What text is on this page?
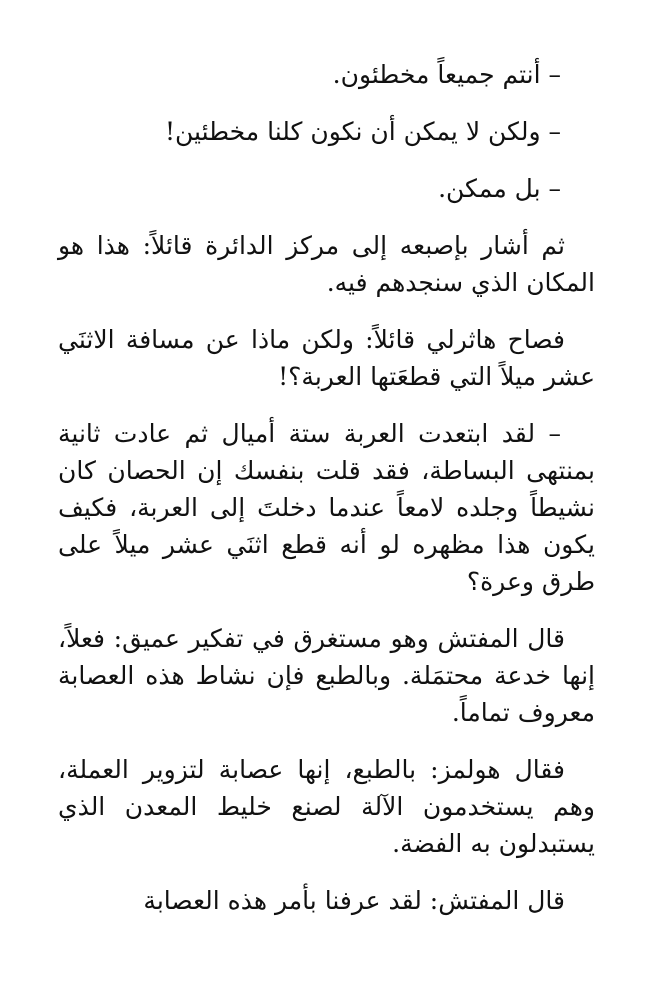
– أنتم جميعاً مخطئون.

– ولكن لا يمكن أن نكون كلنا مخطئين!

– بل ممكن.

ثم أشار بإصبعه إلى مركز الدائرة قائلاً: هذا هو المكان الذي سنجدهم فيه.

فصاح هاثرلي قائلاً: ولكن ماذا عن مسافة الاثنَي عشر ميلاً التي قطعَتها العربة؟!

– لقد ابتعدت العربة ستة أميال ثم عادت ثانية بمنتهى البساطة، فقد قلت بنفسك إن الحصان كان نشيطاً وجلده لامعاً عندما دخلتَ إلى العربة، فكيف يكون هذا مظهره لو أنه قطع اثنَي عشر ميلاً على طرق وعرة؟

قال المفتش وهو مستغرق في تفكير عميق: فعلاً، إنها خدعة محتمَلة. وبالطبع فإن نشاط هذه العصابة معروف تماماً.

فقال هولمز: بالطبع، إنها عصابة لتزوير العملة، وهم يستخدمون الآلة لصنع خليط المعدن الذي يستبدلون به الفضة.

قال المفتش: لقد عرفنا بأمر هذه العصابة
